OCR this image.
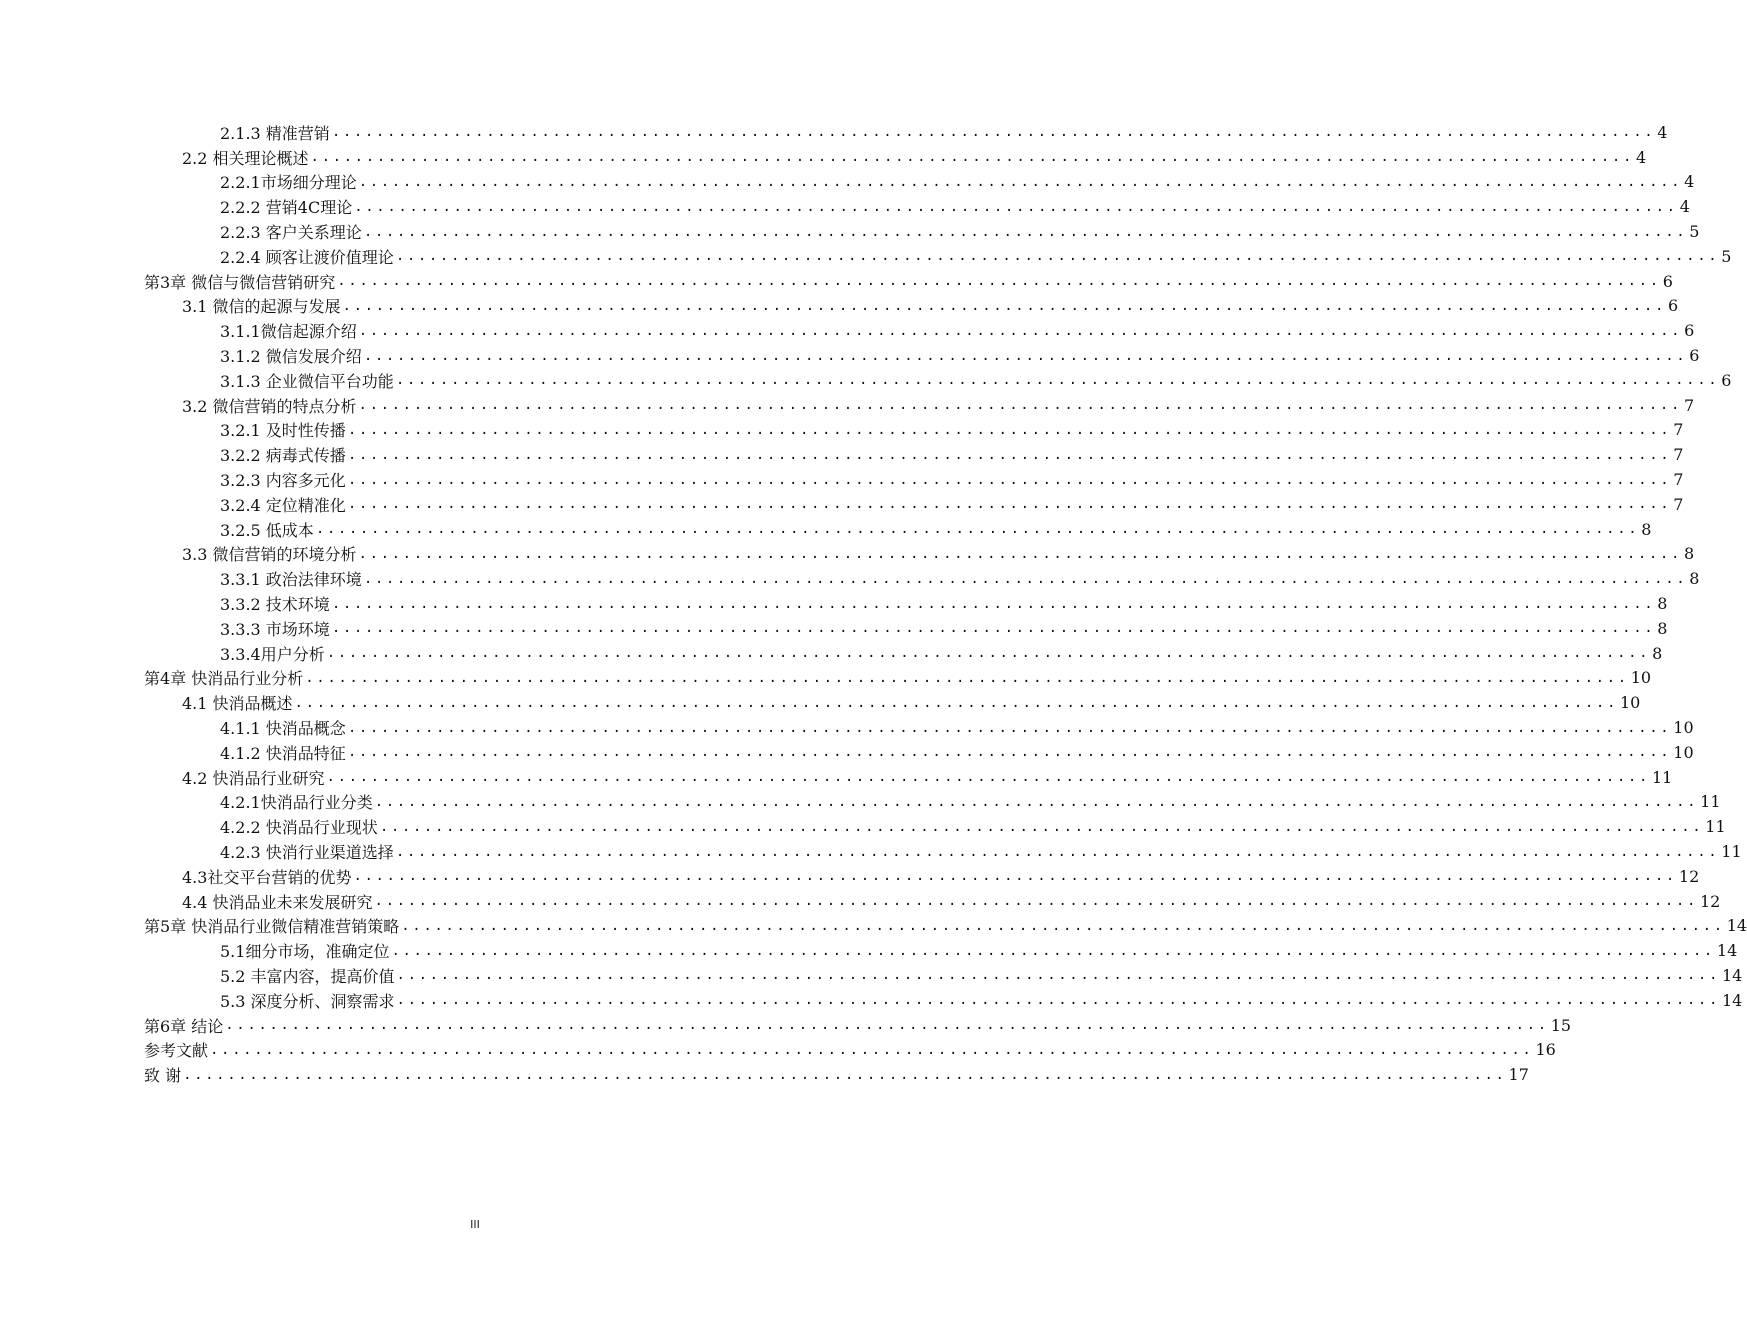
2.1.3 精准营销 ........................................................................................................................ 4
2.2 相关理论概述 ........................................................................................................................ 4
2.2.1市场细分理论 ........................................................................................................................ 4
2.2.2 营销4C理论 ........................................................................................................................ 4
2.2.3 客户关系理论 ........................................................................................................................ 5
2.2.4 顾客让渡价值理论 ........................................................................................................................ 5
第3章 微信与微信营销研究 ........................................................................................................................ 6
3.1 微信的起源与发展 ........................................................................................................................ 6
3.1.1微信起源介绍 ........................................................................................................................ 6
3.1.2 微信发展介绍 ........................................................................................................................ 6
3.1.3 企业微信平台功能 ........................................................................................................................ 6
3.2 微信营销的特点分析 ........................................................................................................................ 7
3.2.1 及时性传播 ........................................................................................................................ 7
3.2.2 病毒式传播 ........................................................................................................................ 7
3.2.3 内容多元化 ........................................................................................................................ 7
3.2.4 定位精准化 ........................................................................................................................ 7
3.2.5 低成本 ........................................................................................................................ 8
3.3 微信营销的环境分析 ........................................................................................................................ 8
3.3.1 政治法律环境 ........................................................................................................................ 8
3.3.2 技术环境 ........................................................................................................................ 8
3.3.3 市场环境 ........................................................................................................................ 8
3.3.4用户分析 ........................................................................................................................ 8
第4章 快消品行业分析 ........................................................................................................................ 10
4.1 快消品概述 ........................................................................................................................ 10
4.1.1 快消品概念 ........................................................................................................................ 10
4.1.2 快消品特征 ........................................................................................................................ 10
4.2 快消品行业研究 ........................................................................................................................ 11
4.2.1快消品行业分类 ........................................................................................................................ 11
4.2.2 快消品行业现状 ........................................................................................................................ 11
4.2.3 快消行业渠道选择 ........................................................................................................................ 11
4.3社交平台营销的优势 ........................................................................................................................ 12
4.4 快消品业未来发展研究 ........................................................................................................................ 12
第5章 快消品行业微信精准营销策略 ........................................................................................................................ 14
5.1细分市场，准确定位 ........................................................................................................................ 14
5.2 丰富内容，提高价值 ........................................................................................................................ 14
5.3 深度分析、洞察需求 ........................................................................................................................ 14
第6章 结论 ........................................................................................................................ 15
参考文献 ........................................................................................................................ 16
致 谢 ........................................................................................................................ 17
III
